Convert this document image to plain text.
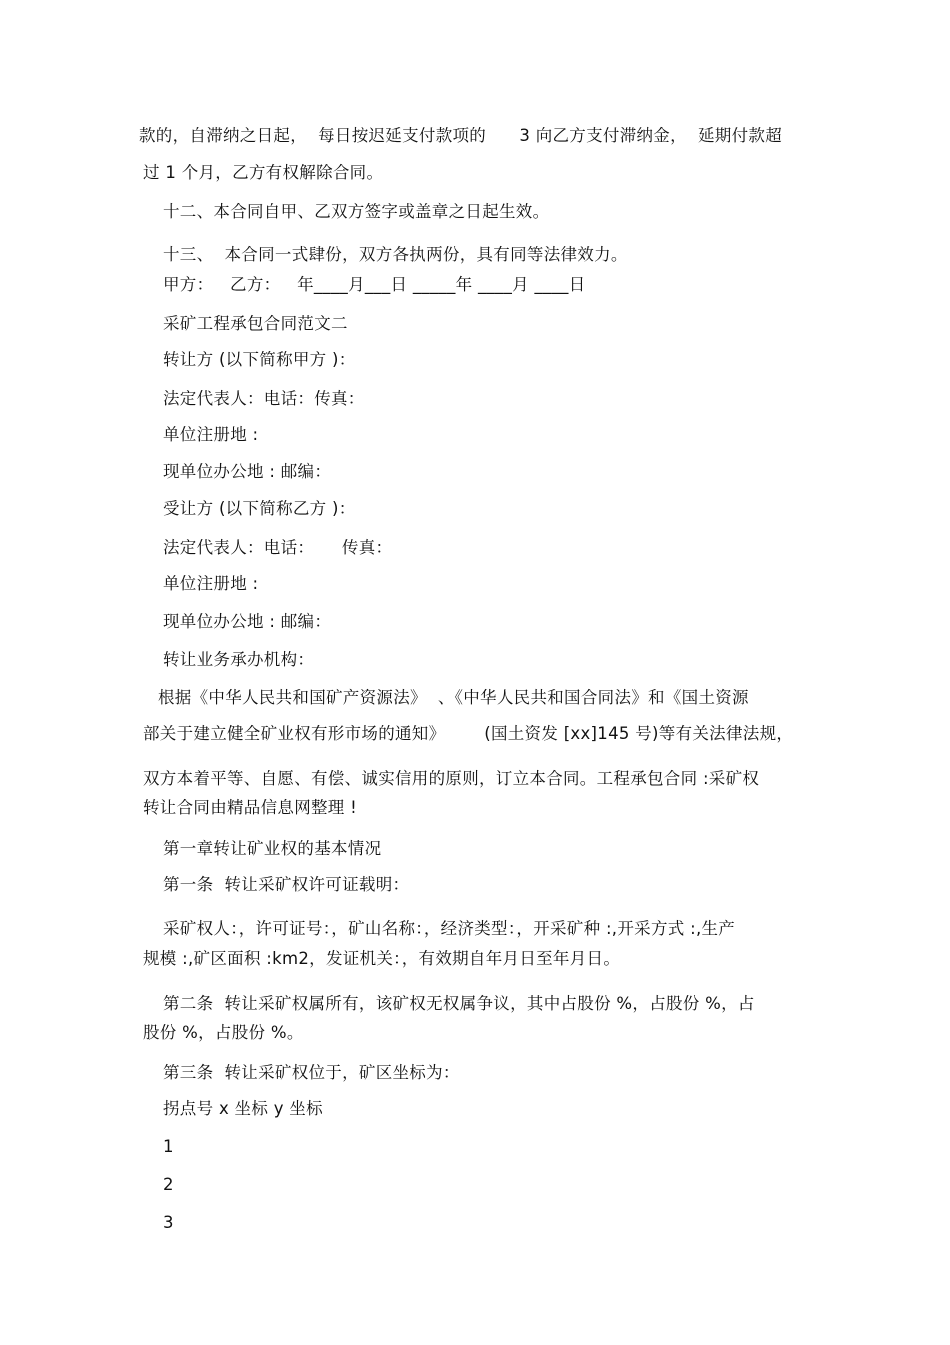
款的，自滞纳之日起，  每日按迟延支付款项的      3 向乙方支付滞纳金，  延期付款超
过 1 个月，乙方有权解除合同。
十二、本合同自甲、乙双方签字或盖章之日起生效。
十三、  本合同一式肆份，双方各执两份，具有同等法律效力。
甲方：   乙方：   年____月___日 _____年 ____月 ____日
采矿工程承包合同范文二
转让方 (以下简称甲方 )：
法定代表人：电话：传真：
单位注册地 :
现单位办公地 : 邮编：
受让方 (以下简称乙方 )：
法定代表人：电话：     传真：
单位注册地 :
现单位办公地 : 邮编：
转让业务承办机构：
根据《中华人民共和国矿产资源法》  、《中华人民共和国合同法》和《国土资源
部关于建立健全矿业权有形市场的通知》       (国土资发 [xx]145 号)等有关法律法规，
双方本着平等、自愿、有偿、诚实信用的原则，订立本合同。工程承包合同 :采矿权
转让合同由精品信息网整理 !
第一章转让矿业权的基本情况
第一条  转让采矿权许可证载明：
采矿权人：，许可证号：，矿山名称：，经济类型：，开采矿种 :,开采方式 :,生产
规模 :,矿区面积 :km2，发证机关：，有效期自年月日至年月日。
第二条  转让采矿权属所有，该矿权无权属争议，其中占股份 %，占股份 %，占
股份 %，占股份 %。
第三条  转让采矿权位于，矿区坐标为：
拐点号 x 坐标 y 坐标
1
2
3
